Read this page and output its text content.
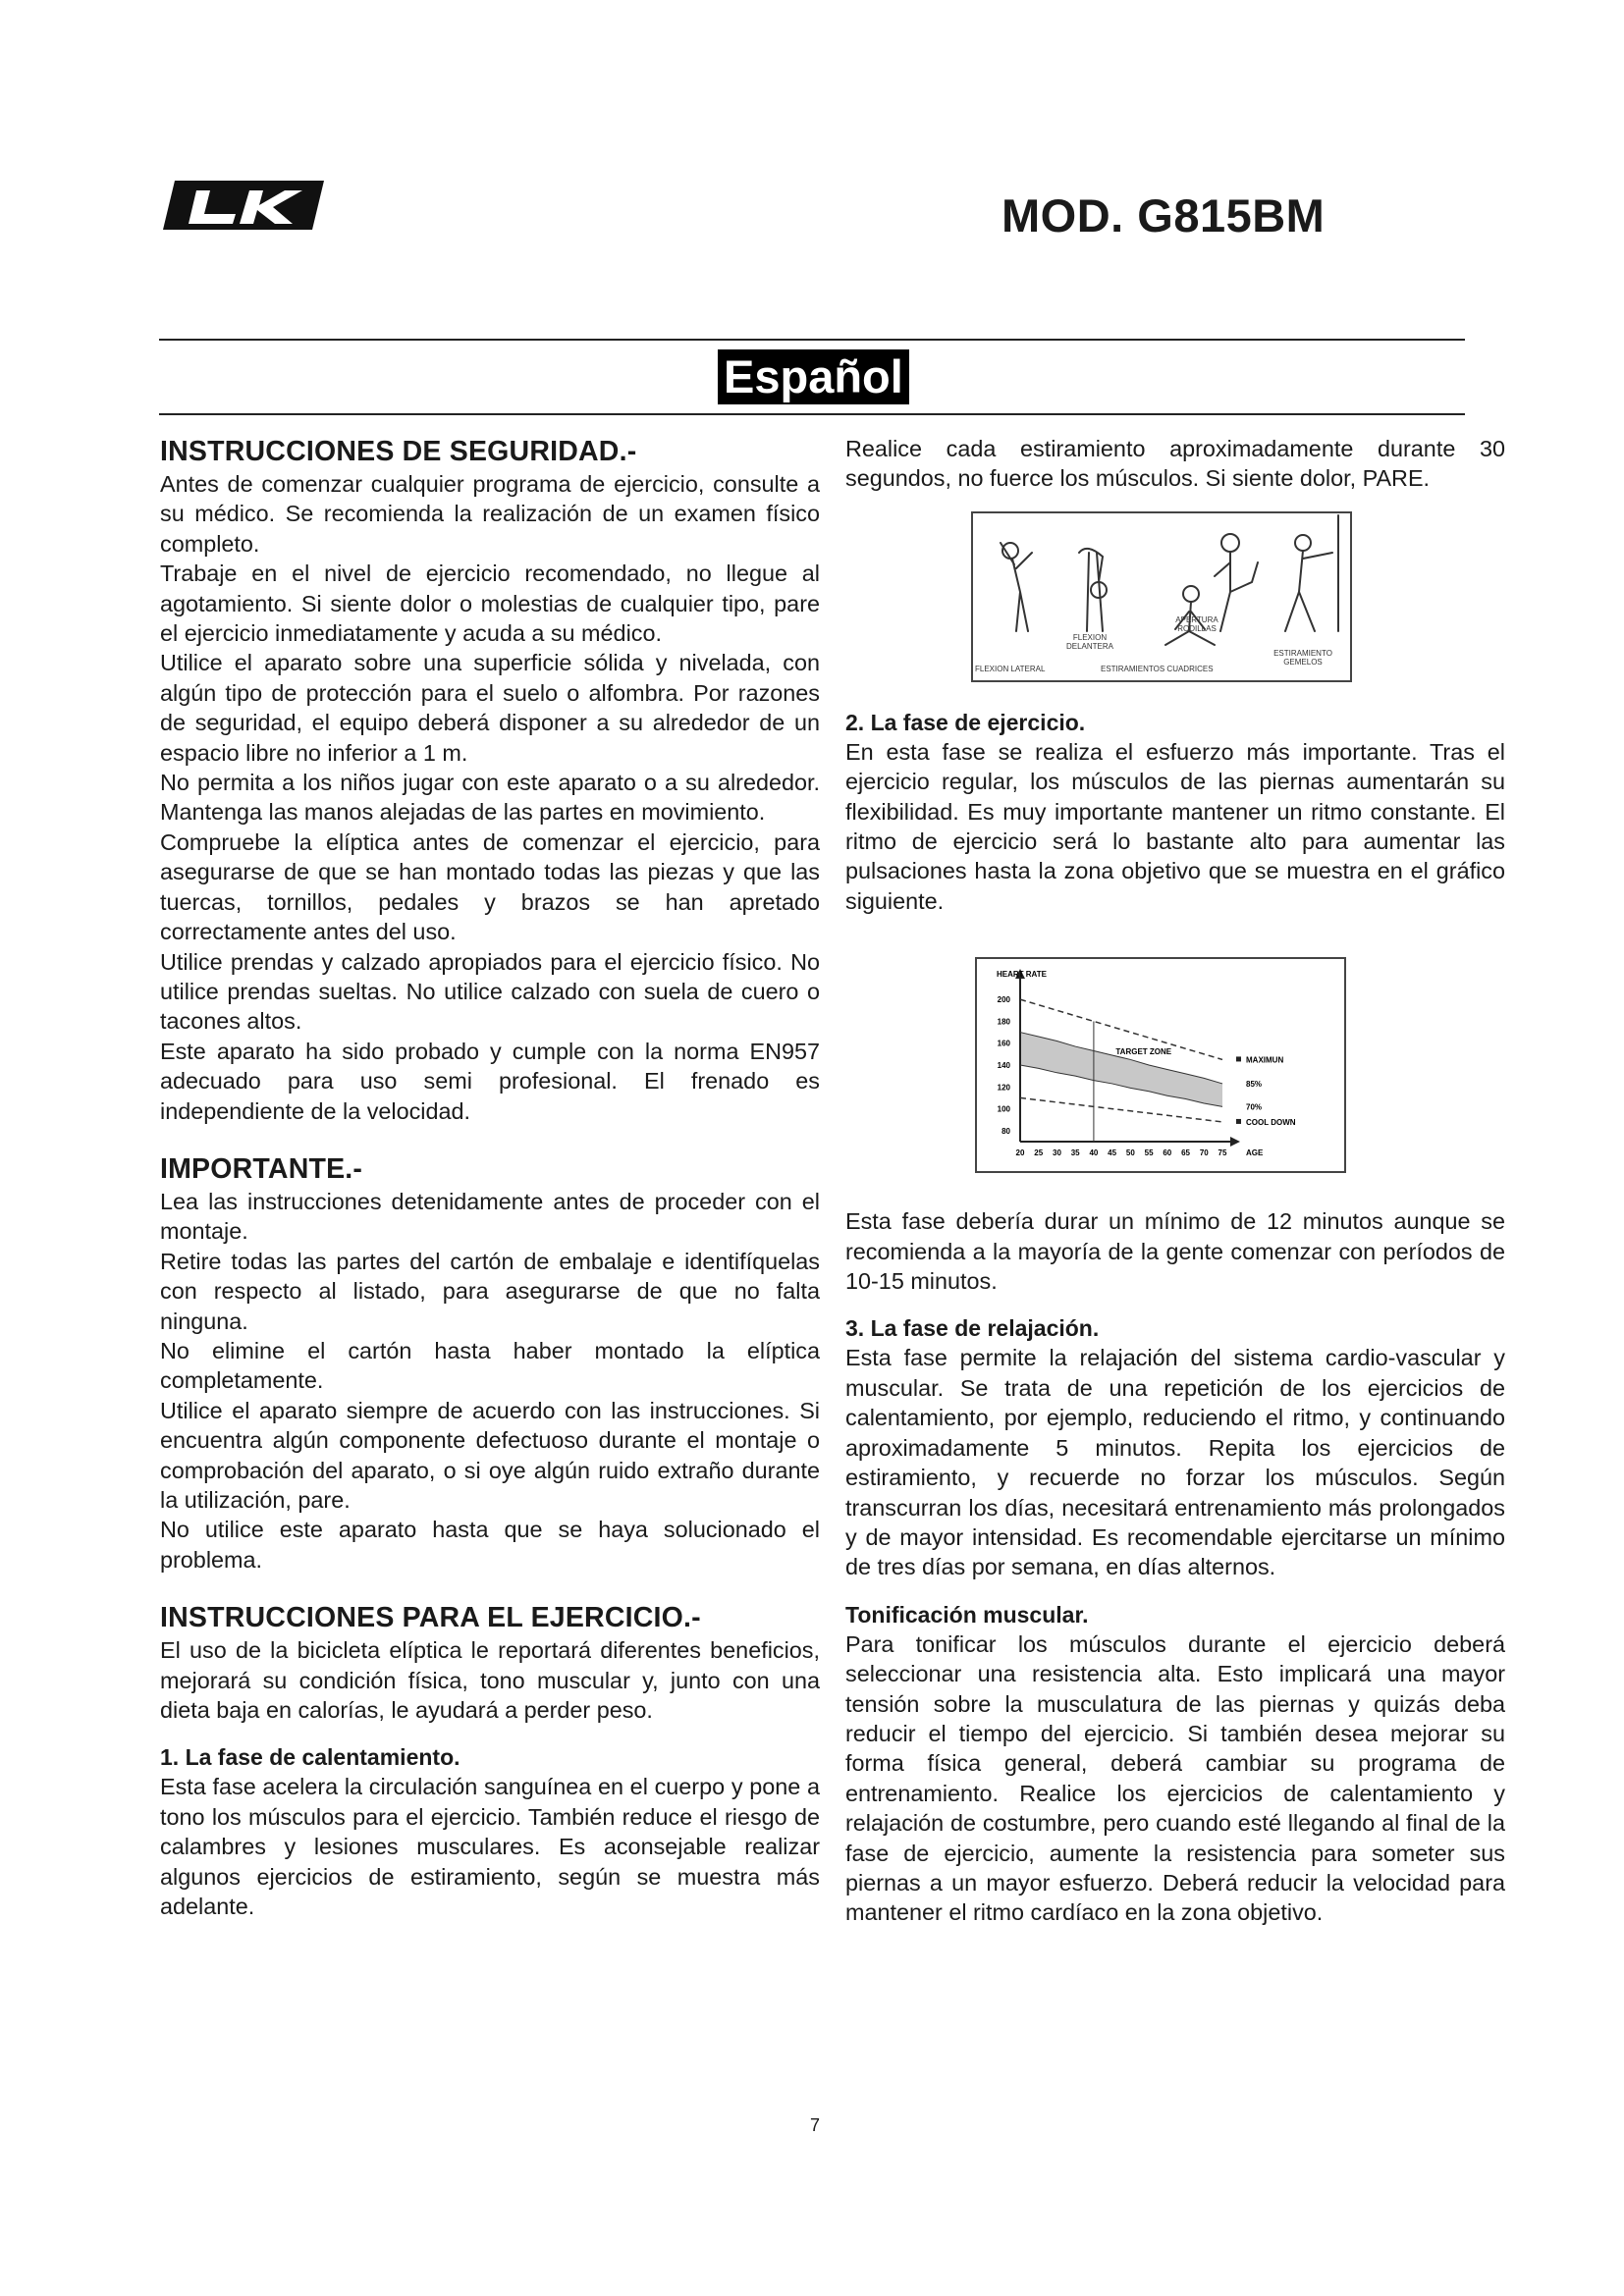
MOD. G815BM
Español
INSTRUCCIONES DE SEGURIDAD.-

Antes de comenzar cualquier programa de ejercicio, consulte a su médico. Se recomienda la realización de un examen físico completo.

Trabaje en el nivel de ejercicio recomendado, no llegue al agotamiento. Si siente dolor o molestias de cualquier tipo, pare el ejercicio inmediatamente y acuda a su médico.

Utilice el aparato sobre una superficie sólida y nivelada, con algún tipo de protección para el suelo o alfombra. Por razones de seguridad, el equipo deberá disponer a su alrededor de un espacio libre no inferior a 1 m.

No permita a los niños jugar con este aparato o a su alrededor. Mantenga las manos alejadas de las partes en movimiento.

Compruebe la elíptica antes de comenzar el ejercicio, para asegurarse de que se han montado todas las piezas y que las tuercas, tornillos, pedales y brazos se han apretado correctamente antes del uso.

Utilice prendas y calzado apropiados para el ejercicio físico. No utilice prendas sueltas. No utilice calzado con suela de cuero o tacones altos.

Este aparato ha sido probado y cumple con la norma EN957 adecuado para uso semi profesional. El frenado es independiente de la velocidad.

IMPORTANTE.-

Lea las instrucciones detenidamente antes de proceder con el montaje.

Retire todas las partes del cartón de embalaje e identifíquelas con respecto al listado, para asegurarse de que no falta ninguna.

No elimine el cartón hasta haber montado la elíptica completamente.

Utilice el aparato siempre de acuerdo con las instrucciones. Si encuentra algún componente defectuoso durante el montaje o comprobación del aparato, o si oye algún ruido extraño durante la utilización, pare.

No utilice este aparato hasta que se haya solucionado el problema.

INSTRUCCIONES PARA EL EJERCICIO.-

El uso de la bicicleta elíptica le reportará diferentes beneficios, mejorará su condición física, tono muscular y, junto con una dieta baja en calorías, le ayudará a perder peso.

1. La fase de calentamiento.

Esta fase acelera la circulación sanguínea en el cuerpo y pone a tono los músculos para el ejercicio. También reduce el riesgo de calambres y lesiones musculares. Es aconsejable realizar algunos ejercicios de estiramiento, según se muestra más adelante.

Realice cada estiramiento aproximadamente durante 30 segundos, no fuerce los músculos. Si siente dolor, PARE.

FLEXION LATERAL
FLEXION DELANTERA
APERTURA RODILLAS
ESTIRAMIENTOS CUADRICES
ESTIRAMIENTO GEMELOS
2. La fase de ejercicio.

En esta fase se realiza el esfuerzo más importante. Tras el ejercicio regular, los músculos de las piernas aumentarán su flexibilidad. Es muy importante mantener un ritmo constante. El ritmo de ejercicio será lo bastante alto para aumentar las pulsaciones hasta la zona objetivo que se muestra en el gráfico siguiente.

HEART RATE
80
100
120
140
160
180
200
20 25 30 35 40 45 50 55 60 65 70 75 AGE
MAXIMUN
85%
70%
COOL DOWN
TARGET ZONE

Esta fase debería durar un mínimo de 12 minutos aunque se recomienda a la mayoría de la gente comenzar con períodos de 10-15 minutos.

3. La fase de relajación.

Esta fase permite la relajación del sistema cardio-vascular y muscular. Se trata de una repetición de los ejercicios de calentamiento, por ejemplo, reduciendo el ritmo, y continuando aproximadamente 5 minutos. Repita los ejercicios de estiramiento, y recuerde no forzar los músculos. Según transcurran los días, necesitará entrenamiento más prolongados y de mayor intensidad. Es recomendable ejercitarse un mínimo de tres días por semana, en días alternos.

Tonificación muscular.

Para tonificar los músculos durante el ejercicio deberá seleccionar una resistencia alta. Esto implicará una mayor tensión sobre la musculatura de las piernas y quizás deba reducir el tiempo del ejercicio. Si también desea mejorar su forma física general, deberá cambiar su programa de entrenamiento. Realice los ejercicios de calentamiento y relajación de costumbre, pero cuando esté llegando al final de la fase de ejercicio, aumente la resistencia para someter sus piernas a un mayor esfuerzo. Deberá reducir la velocidad para mantener el ritmo cardíaco en la zona objetivo.

7
